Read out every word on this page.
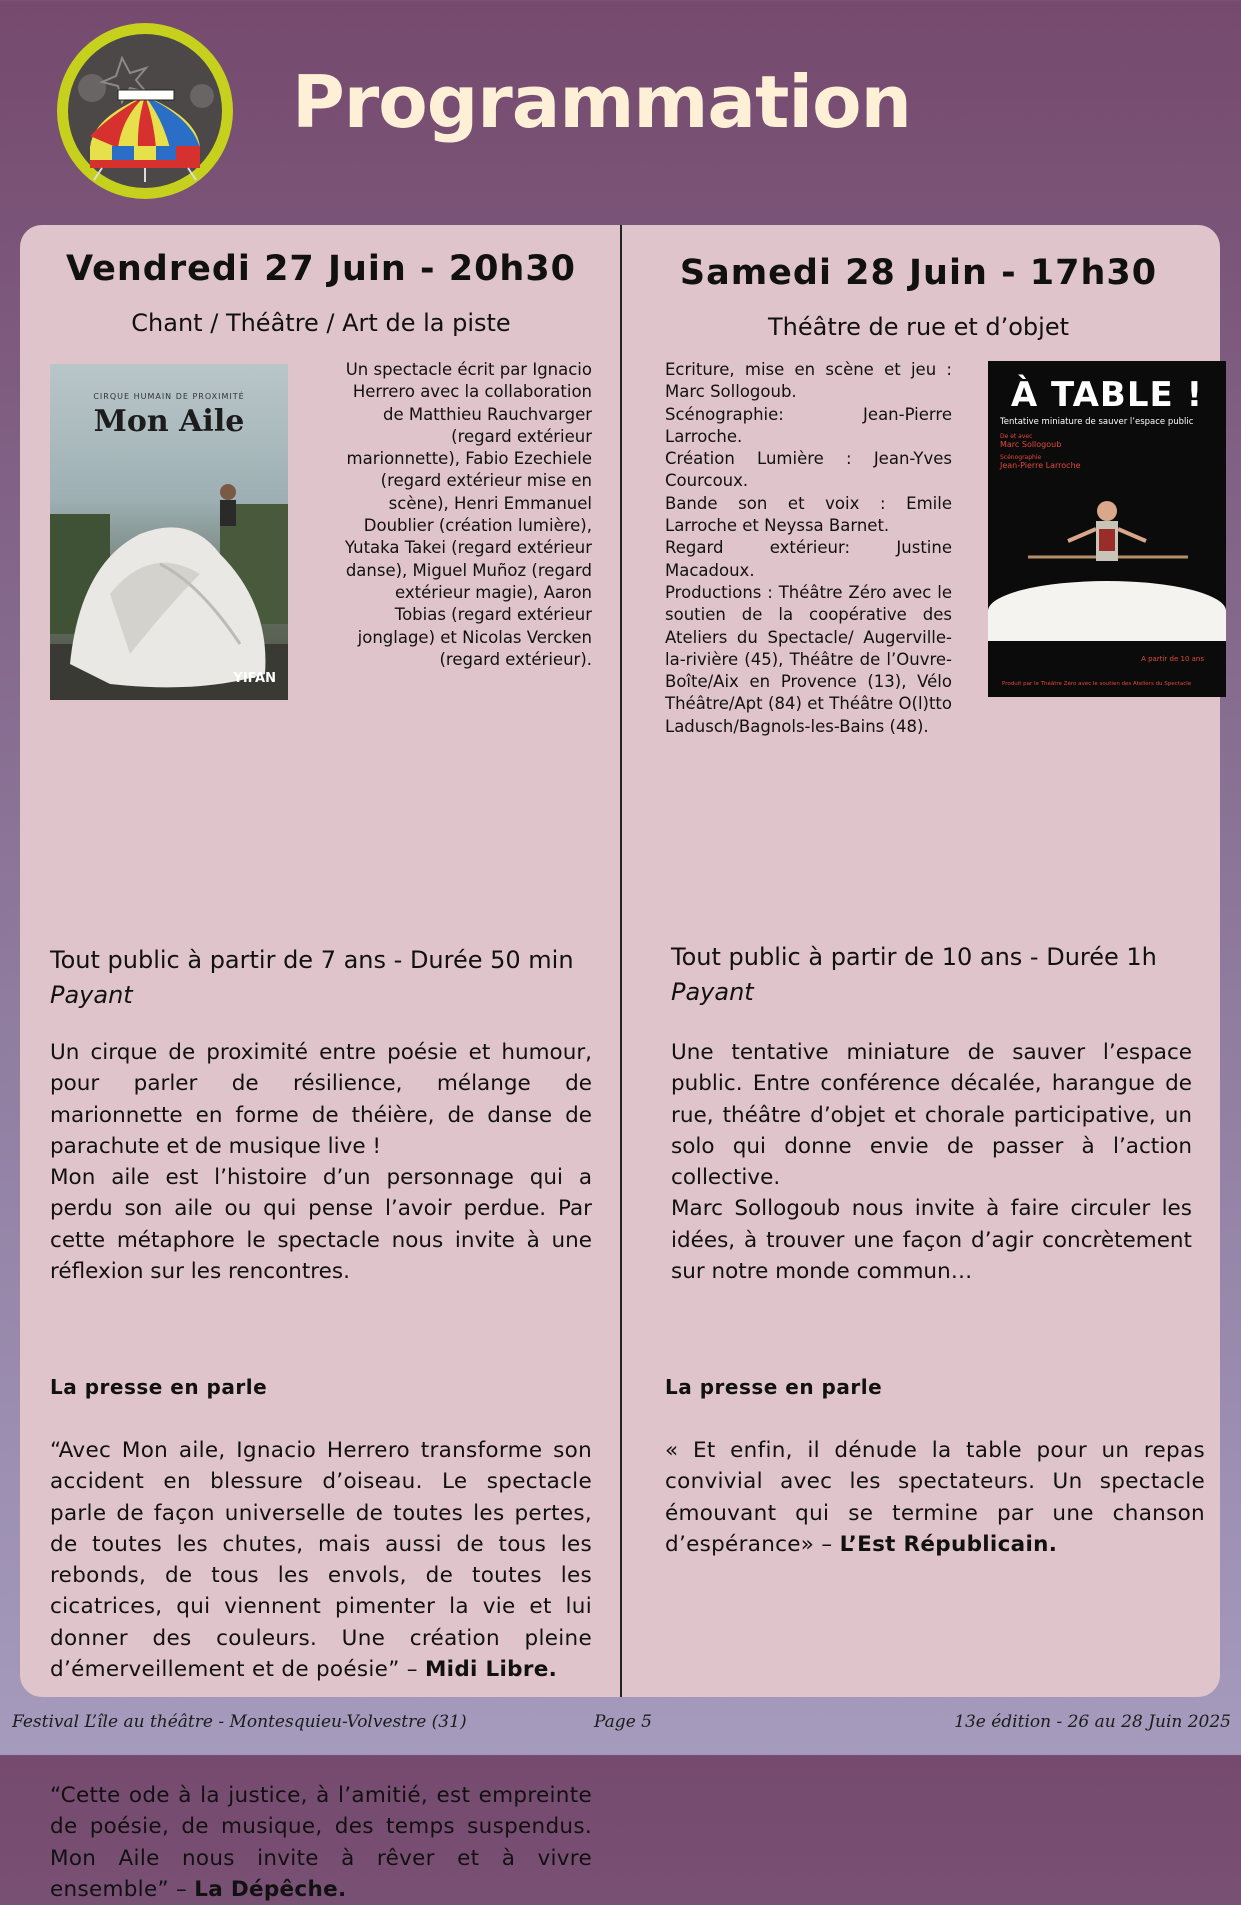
Programmation
Vendredi 27 Juin - 20h30
Chant / Théâtre / Art de la piste
CIRQUE HUMAIN DE PROXIMITÉ
Mon Aile
YIFAN
Un spectacle écrit par Ignacio Herrero avec la collaboration de Matthieu Rauchvarger (regard extérieur marionnette), Fabio Ezechiele (regard extérieur mise en scène), Henri Emmanuel Doublier (création lumière), Yutaka Takei (regard extérieur danse), Miguel Muñoz (regard extérieur magie), Aaron Tobias (regard extérieur jonglage) et Nicolas Vercken (regard extérieur).
Tout public à partir de 7 ans - Durée 50 min
Payant

Un cirque de proximité entre poésie et humour, pour parler de résilience, mélange de marionnette en forme de théière, de danse de parachute et de musique live !

Mon aile est l’histoire d’un personnage qui a perdu son aile ou qui pense l’avoir perdue. Par cette métaphore le spectacle nous invite à une réflexion sur les rencontres.

La presse en parle
“Avec Mon aile, Ignacio Herrero transforme son accident en blessure d’oiseau. Le spectacle parle de façon universelle de toutes les pertes, de toutes les chutes, mais aussi de tous les rebonds, de tous les envols, de toutes les cicatrices, qui viennent pimenter la vie et lui donner des couleurs. Une création pleine d’émerveillement et de poésie” – Midi Libre.
“Cette ode à la justice, à l’amitié, est empreinte de poésie, de musique, des temps suspendus. Mon Aile nous invite à rêver et à vivre ensemble” – La Dépêche.
Samedi 28 Juin - 17h30
Théâtre de rue et d’objet

Ecriture, mise en scène et jeu : Marc Sollogoub.

Scénographie: Jean-Pierre Larroche.

Création Lumière : Jean-Yves Courcoux.

Bande son et voix : Emile Larroche et Neyssa Barnet.

Regard extérieur: Justine Macadoux.

Productions : Théâtre Zéro avec le soutien de la coopérative des Ateliers du Spectacle/ Augerville-la-rivière (45), Théâtre de l’Ouvre-Boîte/Aix en Provence (13), Vélo Théâtre/Apt (84) et Théâtre O(l)tto Ladusch/Bagnols-les-Bains (48).

À TABLE !
Tentative miniature de sauver l’espace public
De et avec
Marc Sollogoub
Scénographie
Jean-Pierre Larroche
A partir de 10 ans
Produit par le Théâtre Zéro avec le soutien des Ateliers du Spectacle
Tout public à partir de 10 ans - Durée 1h
Payant

Une tentative miniature de sauver l’espace public. Entre conférence décalée, harangue de rue, théâtre d’objet et chorale participative, un solo qui donne envie de passer à l’action collective.

Marc Sollogoub nous invite à faire circuler les idées, à trouver une façon d’agir concrètement sur notre monde commun…

La presse en parle
« Et enfin, il dénude la table pour un repas convivial avec les spectateurs. Un spectacle émouvant qui se termine par une chanson d’espérance» – L’Est Républicain.
Festival L’île au théâtre - Montesquieu-Volvestre (31)	Page 5	13e édition - 26 au 28 Juin 2025
